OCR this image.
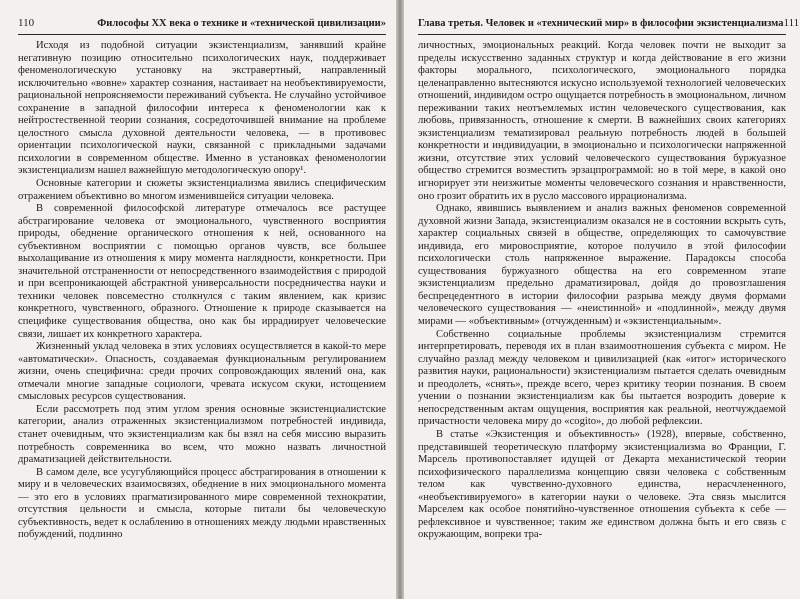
110	Философы XX века о технике и «технической цивилизации»

Исходя из подобной ситуации экзистенциализм, занявший крайне негативную позицию относительно психологических наук, поддерживает феноменологическую установку на экстравертный, направленный исключительно «вовне» характер сознания, настаивает на необъективируемости, рациональной непроясняемости переживаний субъекта. Не случайно устойчивое сохранение в западной философии интереса к феноменологии как к нейтростественной теории сознания, сосредоточившей внимание на проблеме целостного смысла духовной деятельности человека, — в противовес ориентации психологической науки, связанной с прикладными задачами психологии в современном обществе. Именно в установках феноменологии экзистенциализм нашел важнейшую методологическую опору¹.

Основные категории и сюжеты экзистенциализма явились специфическим отражением объективно во многом изменившейся ситуации человека.

В современной философской литературе отмечалось все растущее абстрагирование человека от эмоционального, чувственного восприятия природы, обеднение органического отношения к ней, основанного на субъективном восприятии с помощью органов чувств, все большее выхолащивание из отношения к миру момента наглядности, конкретности. При значительной отстраненности от непосредственного взаимодействия с природой и при всепроникающей абстрактной универсальности посредничества науки и техники человек повсеместно столкнулся с таким явлением, как кризис конкретного, чувственного, образного. Отношение к природе сказывается на специфике существования общества, оно как бы иррадиирует человеческие связи, лишает их конкретного характера.

Жизненный уклад человека в этих условиях осуществляется в какой-то мере «автоматически». Опасность, создаваемая функциональным регулированием жизни, очень специфична: среди прочих сопровождающих явлений она, как отмечали многие западные социологи, чревата искусом скуки, истощением смысловых ресурсов существования.

Если рассмотреть под этим углом зрения основные экзистенциалистские категории, анализ отраженных экзистенциализмом потребностей индивида, станет очевидным, что экзистенциализм как бы взял на себя миссию выразить потребность современника во всем, что можно назвать личностной драматизацией действительности.

В самом деле, все усугубляющийся процесс абстрагирования в отношении к миру и в человеческих взаимосвязях, обеднение в них эмоционального момента — это его в условиях прагматизированного мире современной технократии, отсутствия цельности и смысла, которые питали бы человеческую субъективность, ведет к ослаблению в отношениях между людьми нравственных побуждений, подлинно

Глава третья. Человек и «технический мир» в философии экзистенциализма 111

личностных, эмоциональных реакций. Когда человек почти не выходит за пределы искусственно заданных структур и когда действование в его жизни факторы морального, психологического, эмоционального порядка целенаправленно вытесняются искусно используемой технологией человеческих отношений, индивидом остро ощущается потребность в эмоциональном, личном переживании таких неотъемлемых истин человеческого существования, как любовь, привязанность, отношение к смерти. В важнейших своих категориях экзистенциализм тематизировал реальную потребность людей в большей конкретности и индивидуации, в эмоционально и психологически напряженной жизни, отсутствие этих условий человеческого существования буржуазное общество стремится возместить эрзацпрограммой: но в той мере, в какой оно игнорирует эти неизжитые моменты человеческого сознания и нравственности, оно грозит обратить их в русло массового иррационализма.

Однако, явившись выявлением и анализ важных феноменов современной духовной жизни Запада, экзистенциализм оказался не в состоянии вскрыть суть, характер социальных связей в обществе, определяющих то самочувствие индивида, его мировосприятие, которое получило в этой философии психологически столь напряженное выражение. Парадоксы способа существования буржуазного общества на его современном этапе экзистенциализм предельно драматизировал, дойдя до провозглашения беспрецедентного в истории философии разрыва между двумя формами человеческого существования — «неистинной» и «подлинной», между двумя мирами — «объективным» (отчужденным) и «экзистенциальным».

Собственно социальные проблемы экзистенциализм стремится интерпретировать, переводя их в план взаимоотношения субъекта с миром. Не случайно разлад между человеком и цивилизацией (как «итог» исторического развития науки, рациональности) экзистенциализм пытается сделать очевидным и преодолеть, «снять», прежде всего, через критику теории познания. В своем учении о познании экзистенциализм как бы пытается возродить доверие к непосредственным актам ощущения, восприятия как реальной, неотчуждаемой причастности человека миру до «cogito», до любой рефлексии.

В статье «Экзистенция и объективность» (1928), впервые, собственно, представившей теоретическую платформу экзистенциализма во Франции, Г. Марсель противопоставляет идущей от Декарта механистической теории психофизического параллелизма концепцию связи человека с собственным телом как чувственно-духовного единства, нерасчлененного, «необъективируемого» в категории науки о человеке. Эта связь мыслится Марселем как особое понятийно-чувственное отношения субъекта к себе — рефлексивное и чувственное; таким же единством должна быть и его связь с окружающим, вопреки тра-
